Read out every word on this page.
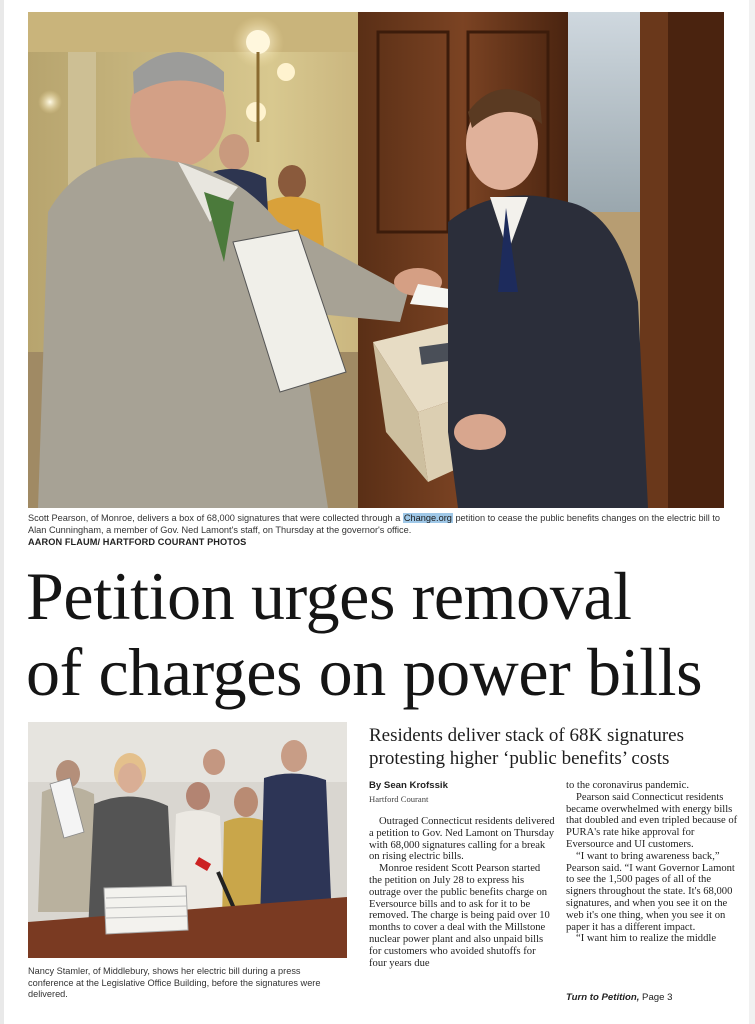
Scott Pearson, of Monroe, delivers a box of 68,000 signatures that were collected through a Change.org petition to cease the public benefits changes on the electric bill to Alan Cunningham, a member of Gov. Ned Lamont's staff, on Thursday at the governor's office.
AARON FLAUM/ HARTFORD COURANT PHOTOS
Petition urges removal
of charges on power bills
Nancy Stamler, of Middlebury, shows her electric bill during a press conference at the Legislative Office Building, before the signatures were delivered.
Residents deliver stack of 68K signatures
protesting higher ‘public benefits’ costs
By Sean Krofssik
Hartford Courant

Outraged Connecticut residents delivered a petition to Gov. Ned Lamont on Thursday with 68,000 signatures calling for a break on rising electric bills.

Monroe resident Scott Pearson started the petition on July 28 to express his outrage over the public benefits charge on Eversource bills and to ask for it to be removed. The charge is being paid over 10 months to cover a deal with the Millstone nuclear power plant and also unpaid bills for customers who avoided shutoffs for four years due

to the coronavirus pandemic.

Pearson said Connecticut residents became overwhelmed with energy bills that doubled and even tripled because of PURA's rate hike approval for Eversource and UI customers.

“I want to bring awareness back,” Pearson said. “I want Governor Lamont to see the 1,500 pages of all of the signers throughout the state. It's 68,000 signatures, and when you see it on the web it's one thing, when you see it on paper it has a different impact.

“I want him to realize the middle

Turn to Petition, Page 3
